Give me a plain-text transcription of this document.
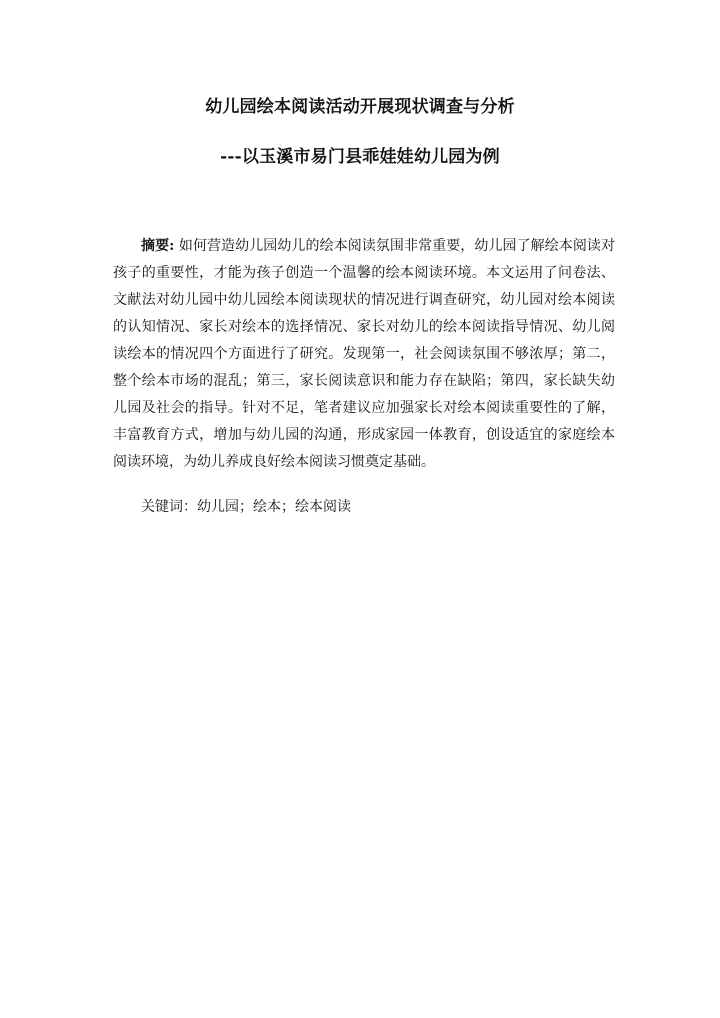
幼儿园绘本阅读活动开展现状调查与分析
---以玉溪市易门县乖娃娃幼儿园为例

摘要: 如何营造幼儿园幼儿的绘本阅读氛围非常重要，幼儿园了解绘本阅读对孩子的重要性，才能为孩子创造一个温馨的绘本阅读环境。本文运用了问卷法、文献法对幼儿园中幼儿园绘本阅读现状的情况进行调查研究，幼儿园对绘本阅读的认知情况、家长对绘本的选择情况、家长对幼儿的绘本阅读指导情况、幼儿阅读绘本的情况四个方面进行了研究。发现第一，社会阅读氛围不够浓厚；第二，整个绘本市场的混乱；第三，家长阅读意识和能力存在缺陷；第四，家长缺失幼儿园及社会的指导。针对不足，笔者建议应加强家长对绘本阅读重要性的了解，丰富教育方式，增加与幼儿园的沟通，形成家园一体教育，创设适宜的家庭绘本阅读环境，为幼儿养成良好绘本阅读习惯奠定基础。

关键词：幼儿园；绘本；绘本阅读
